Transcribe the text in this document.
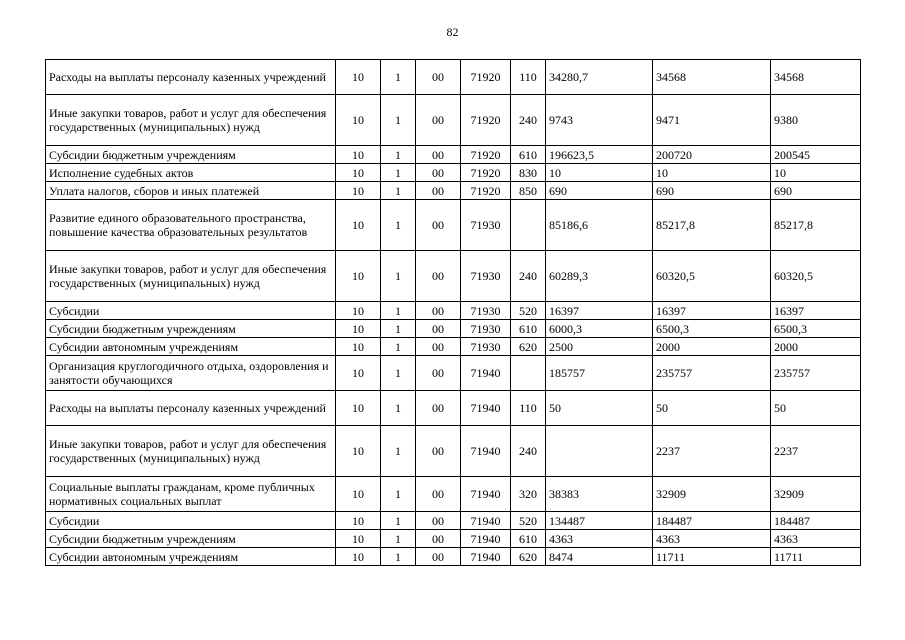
82
Расходы на выплаты персоналу казенных учреждений	10	1	00	71920	110	34280,7	34568	34568
Иные закупки товаров, работ и услуг для обеспечения государственных (муниципальных) нужд	10	1	00	71920	240	9743	9471	9380
Субсидии бюджетным учреждениям	10	1	00	71920	610	196623,5	200720	200545
Исполнение судебных актов	10	1	00	71920	830	10	10	10
Уплата налогов, сборов и иных платежей	10	1	00	71920	850	690	690	690
Развитие единого образовательного пространства, повышение качества образовательных результатов	10	1	00	71930		85186,6	85217,8	85217,8
Иные закупки товаров, работ и услуг для обеспечения государственных (муниципальных) нужд	10	1	00	71930	240	60289,3	60320,5	60320,5
Субсидии	10	1	00	71930	520	16397	16397	16397
Субсидии бюджетным учреждениям	10	1	00	71930	610	6000,3	6500,3	6500,3
Субсидии автономным учреждениям	10	1	00	71930	620	2500	2000	2000
Организация круглогодичного отдыха, оздоровления и занятости обучающихся	10	1	00	71940		185757	235757	235757
Расходы на выплаты персоналу казенных учреждений	10	1	00	71940	110	50	50	50
Иные закупки товаров, работ и услуг для обеспечения государственных (муниципальных) нужд	10	1	00	71940	240		2237	2237
Социальные выплаты гражданам, кроме публичных нормативных социальных выплат	10	1	00	71940	320	38383	32909	32909
Субсидии	10	1	00	71940	520	134487	184487	184487
Субсидии бюджетным учреждениям	10	1	00	71940	610	4363	4363	4363
Субсидии автономным учреждениям	10	1	00	71940	620	8474	11711	11711
